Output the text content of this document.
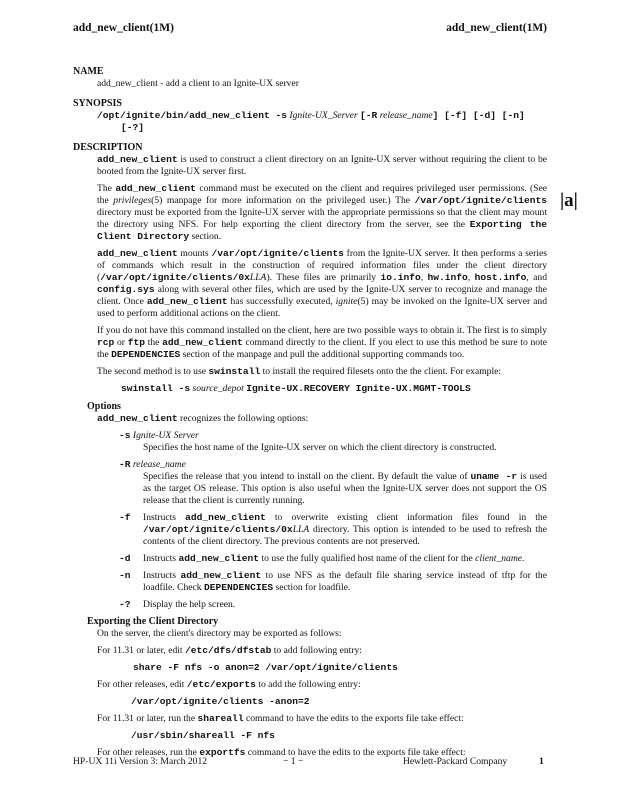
add_new_client(1M)	add_new_client(1M)
|a|
NAME
add_new_client - add a client to an Ignite-UX server
SYNOPSIS
/opt/ignite/bin/add_new_client -s Ignite-UX_Server [-R release_name] [-f] [-d] [-n]
[-?]
DESCRIPTION
add_new_client is used to construct a client directory on an Ignite-UX server without requiring the client to be booted from the Ignite-UX server first.
The add_new_client command must be executed on the client and requires privileged user permissions. (See the privileges(5) manpage for more information on the privileged user.) The /var/opt/ignite/clients directory must be exported from the Ignite-UX server with the appropriate permissions so that the client may mount the directory using NFS. For help exporting the client directory from the server, see the Exporting the Client Directory section.
add_new_client mounts /var/opt/ignite/clients from the Ignite-UX server. It then performs a series of commands which result in the construction of required information files under the client directory (/var/opt/ignite/clients/0xLLA). These files are primarily io.info, hw.info, host.info, and config.sys along with several other files, which are used by the Ignite-UX server to recognize and manage the client. Once add_new_client has successfully executed, ignite(5) may be invoked on the Ignite-UX server and used to perform additional actions on the client.
If you do not have this command installed on the client, here are two possible ways to obtain it. The first is to simply rcp or ftp the add_new_client command directly to the client. If you elect to use this method be sure to note the DEPENDENCIES section of the manpage and pull the additional supporting commands too.
The second method is to use swinstall to install the required filesets onto the the client. For example:
swinstall -s source_depot Ignite-UX.RECOVERY Ignite-UX.MGMT-TOOLS
Options
add_new_client recognizes the following options:
-s Ignite-UX Server
Specifies the host name of the Ignite-UX server on which the client directory is constructed.
-R release_name
Specifies the release that you intend to install on the client. By default the value of uname -r is used as the target OS release. This option is also useful when the Ignite-UX server does not support the OS release that the client is currently running.
-f	Instructs add_new_client to overwrite existing client information files found in the /var/opt/ignite/clients/0xLLA directory. This option is intended to be used to refresh the contents of the client directory. The previous contents are not preserved.
-d	Instructs add_new_client to use the fully qualified host name of the client for the client_name.
-n	Instructs add_new_client to use NFS as the default file sharing service instead of tftp for the loadfile. Check DEPENDENCIES section for loadfile.
-?	Display the help screen.
Exporting the Client Directory
On the server, the client's directory may be exported as follows:
For 11.31 or later, edit /etc/dfs/dfstab to add following entry:
share -F nfs -o anon=2 /var/opt/ignite/clients
For other releases, edit /etc/exports to add the following entry:
/var/opt/ignite/clients -anon=2
For 11.31 or later, run the shareall command to have the edits to the exports file take effect:
/usr/sbin/shareall -F nfs
For other releases, run the exportfs command to have the edits to the exports file take effect:
HP-UX 11i Version 3: March 2012	− 1 −	Hewlett-Packard Company	1
